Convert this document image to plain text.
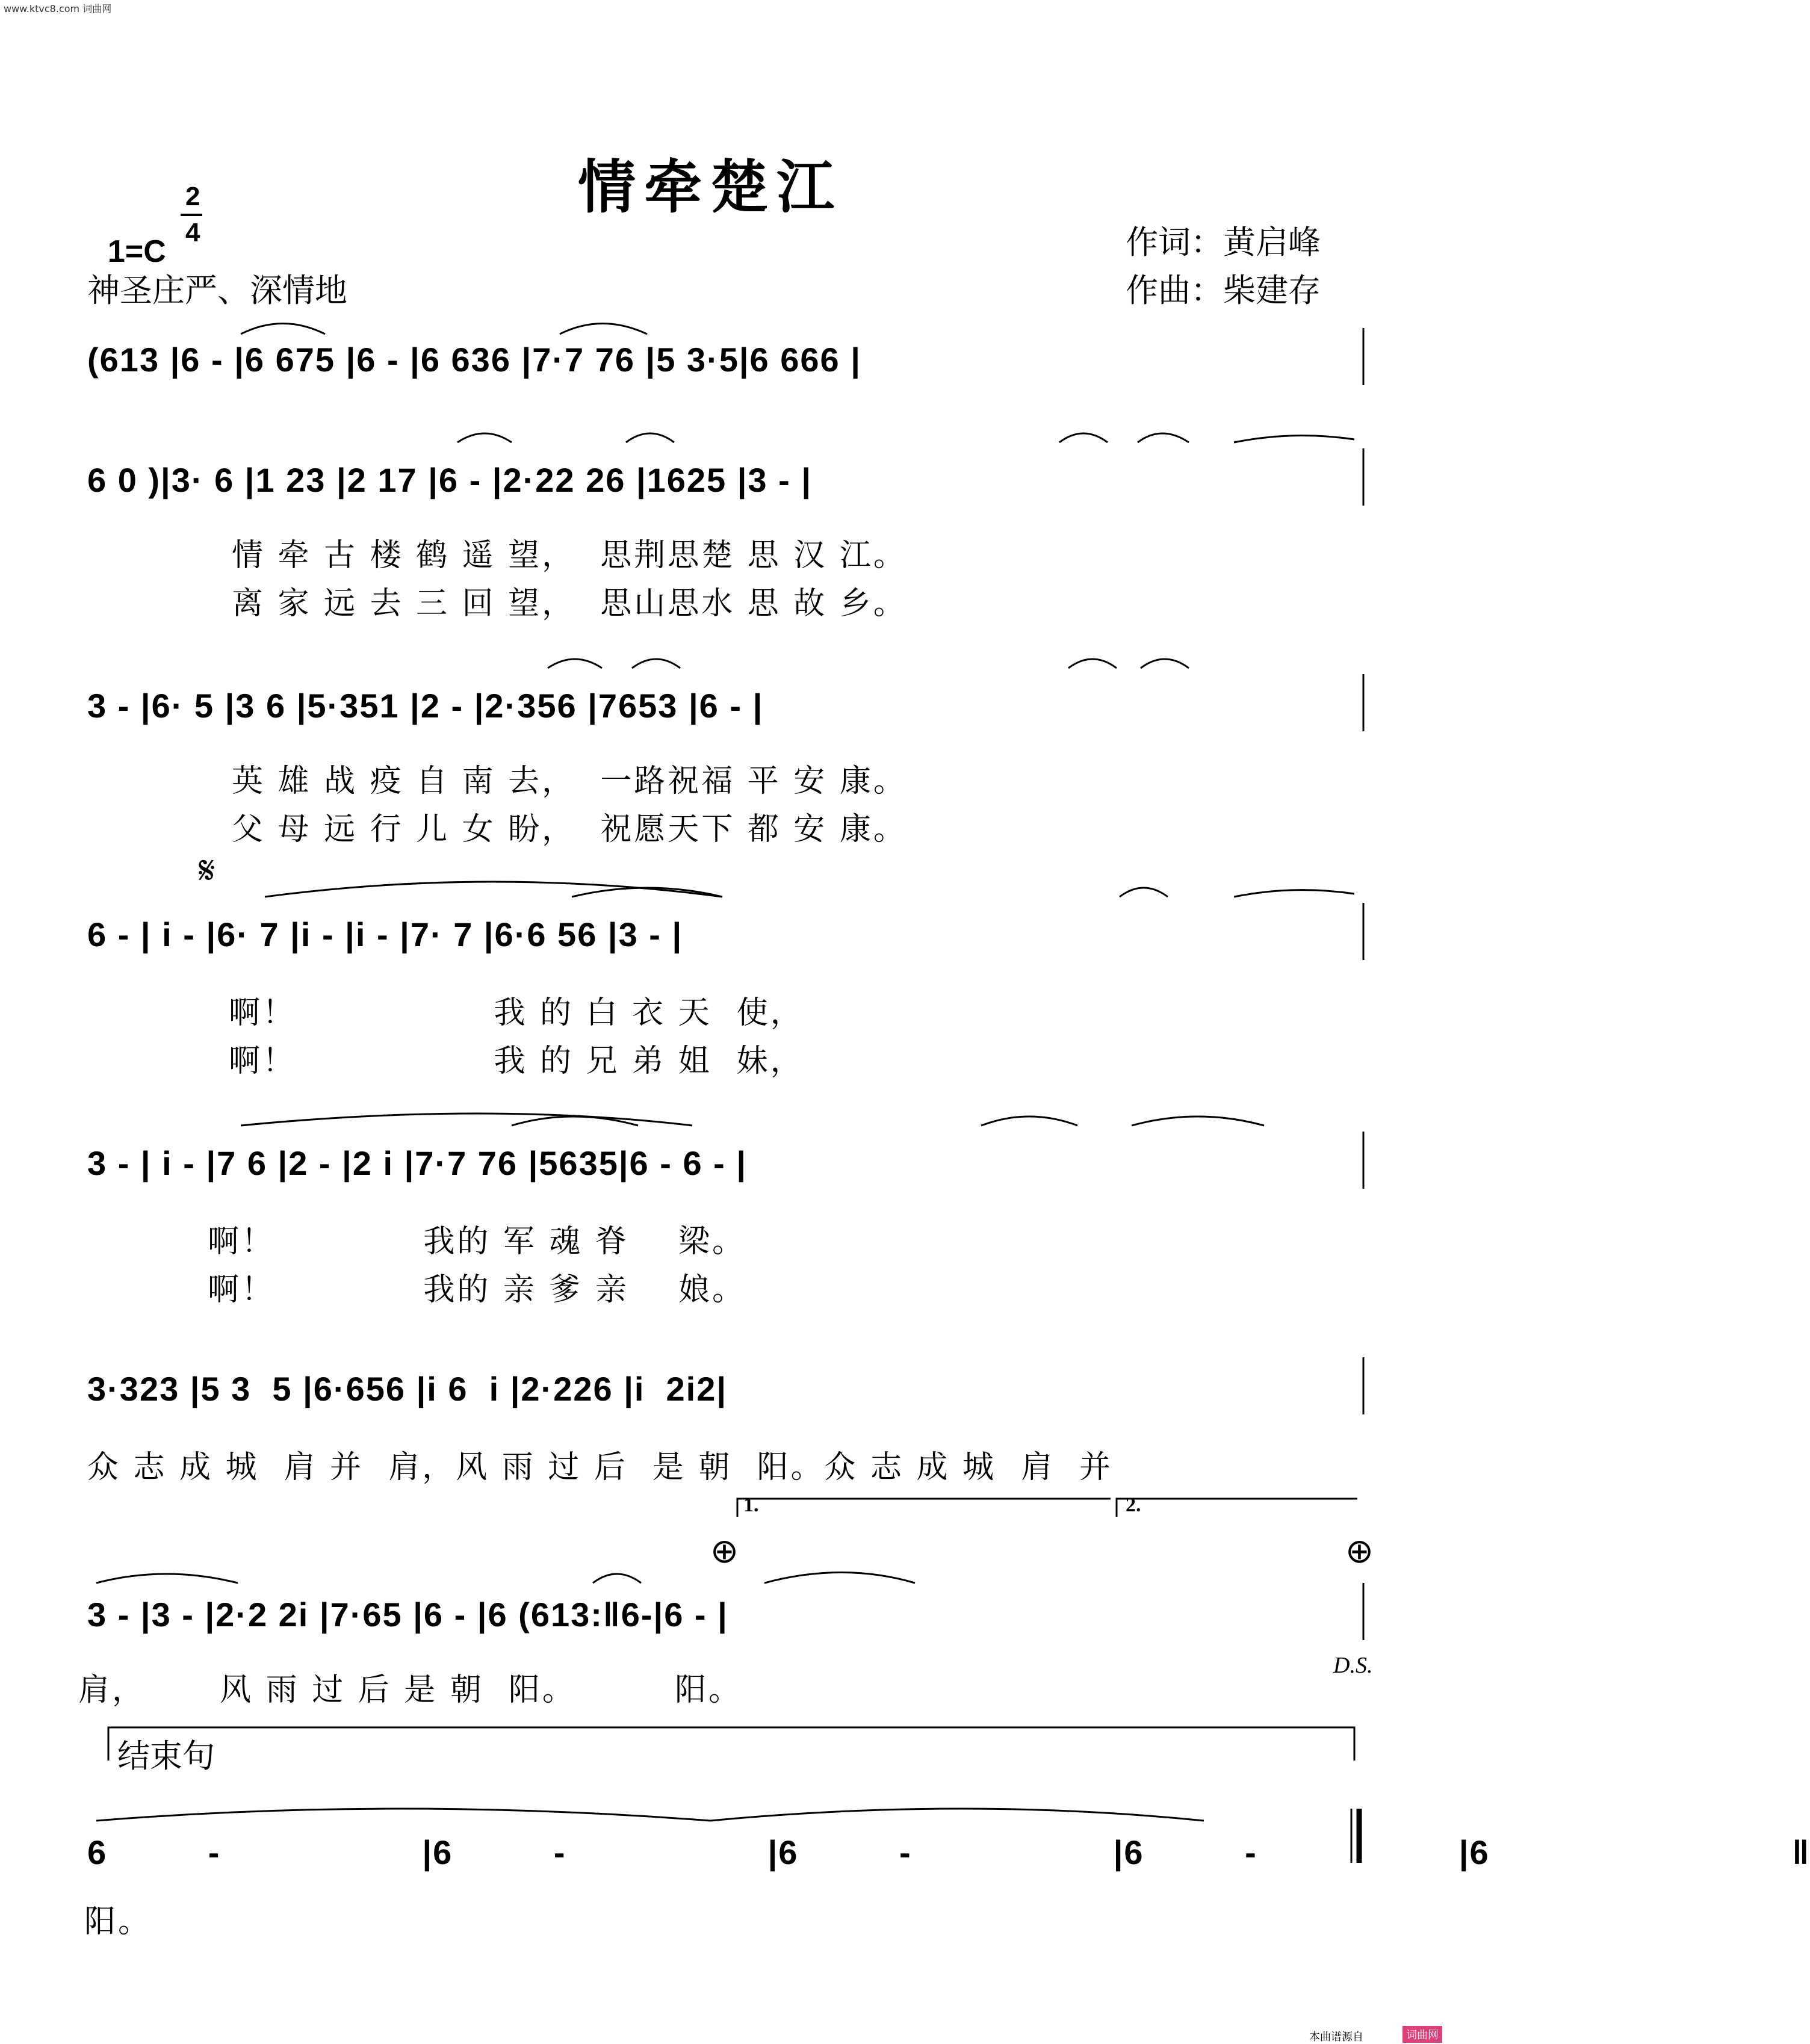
www.ktvc8.com 词曲网
情牵楚江

1=C

2
4
神圣庄严、深情地
作词：黄启峰
作曲：柴建存
(613 |6 - |6 675 |6 - |6 636 |7·7 76 |5 3·5|6 666 |
6 0 )|3· 6 |1 23 |2 17 |6 - |2·22 26 |1625 |3 - |
情 牵 古 楼 鹤 遥 望，  思荆思楚 思 汉 江。
离 家 远 去 三 回 望，  思山思水 思 故 乡。
3 - |6· 5 |3 6 |5·351 |2 - |2·356 |7653 |6 - |
英 雄 战 疫 自 南 去，  一路祝福 平 安 康。
父 母 远 行 儿 女 盼，  祝愿天下 都 安 康。
𝄋
6 - | i - |6· 7 |i - |i - |7· 7 |6·6 56 |3 - |
啊！                我 的 白 衣 天  使，
啊！                我 的 兄 弟 姐  妹，
3 - | i - |7 6 |2 - |2 i |7·7 76 |5635|6 - 6 - |
啊！            我的 军 魂 脊    梁。
啊！            我的 亲 爹 亲    娘。
3·323 |5 3  5 |6·656 |i 6  i |2·226 |i  2i2|
众 志 成 城  肩 并  肩，风 雨 过 后  是 朝  阳。众 志 成 城  肩  并
1.	2.
⊕	⊕
3 - |3 - |2·2 2i |7·65 |6 - |6 (613:‖6-|6 - |
肩，      风 雨 过 后 是 朝  阳。        阳。
D.S.
结束句
6 -  |6 -  |6 -  |6 -  |6   ‖
阳。
本曲谱源自	词曲网
